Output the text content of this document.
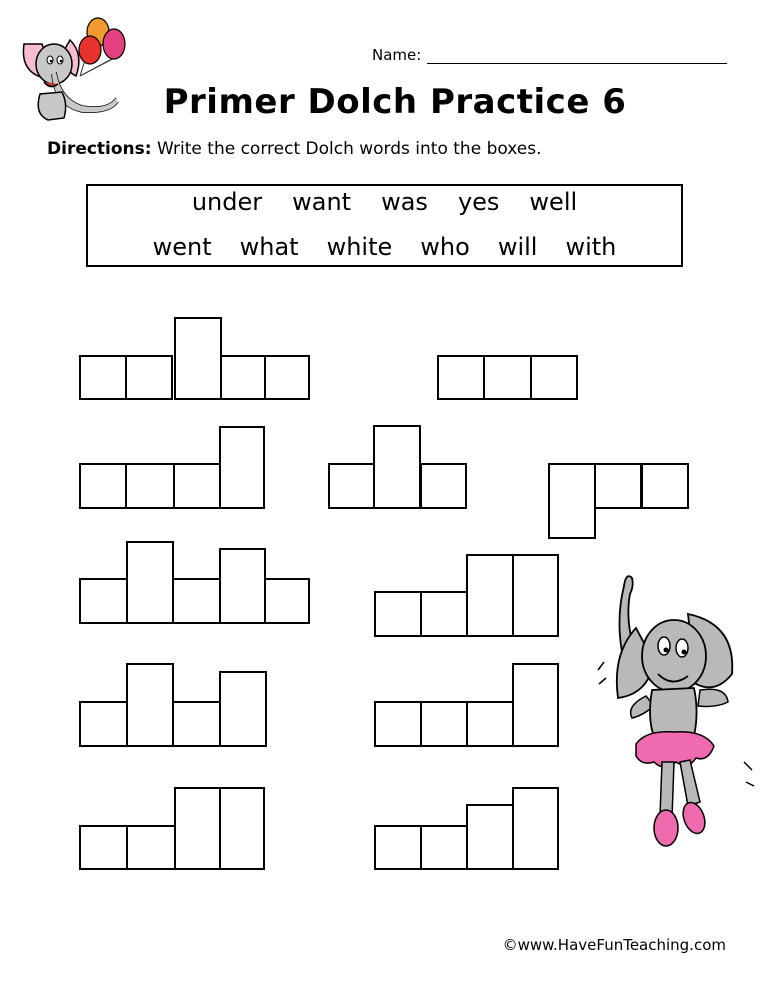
Name:
Primer Dolch Practice 6
Directions: Write the correct Dolch words into the boxes.
under want was yes well
went what white who will with
©www.HaveFunTeaching.com
